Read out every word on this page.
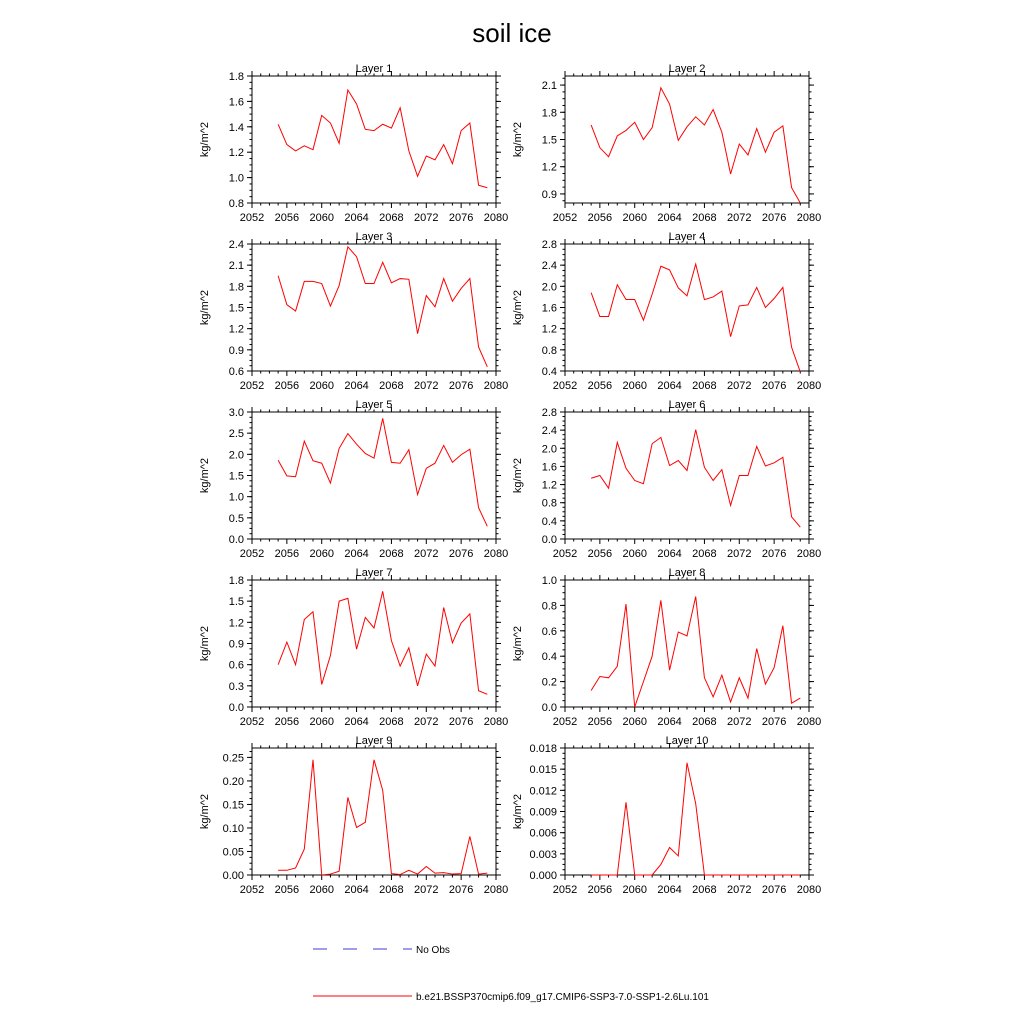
soil ice
Layer 1
2052 2056 2060 2064 2068 2072 2076 2080
0.8
1.0
1.2
1.4
1.6
1.8
kg/m^2
Layer 2
2052 2056 2060 2064 2068 2072 2076 2080
0.9
1.2
1.5
1.8
2.1
kg/m^2
Layer 3
2052 2056 2060 2064 2068 2072 2076 2080
0.6
0.9
1.2
1.5
1.8
2.1
2.4
kg/m^2
Layer 4
2052 2056 2060 2064 2068 2072 2076 2080
0.4
0.8
1.2
1.6
2.0
2.4
2.8
kg/m^2
Layer 5
2052 2056 2060 2064 2068 2072 2076 2080
0.0
0.5
1.0
1.5
2.0
2.5
3.0
kg/m^2
Layer 6
2052 2056 2060 2064 2068 2072 2076 2080
0.0
0.4
0.8
1.2
1.6
2.0
2.4
2.8
kg/m^2
Layer 7
2052 2056 2060 2064 2068 2072 2076 2080
0.0
0.3
0.6
0.9
1.2
1.5
1.8
kg/m^2
Layer 8
2052 2056 2060 2064 2068 2072 2076 2080
0.0
0.2
0.4
0.6
0.8
1.0
kg/m^2
Layer 9
2052 2056 2060 2064 2068 2072 2076 2080
0.00
0.05
0.10
0.15
0.20
0.25
kg/m^2
Layer 10
2052 2056 2060 2064 2068 2072 2076 2080
0.000
0.003
0.006
0.009
0.012
0.015
0.018
kg/m^2
No Obs
b.e21.BSSP370cmip6.f09_g17.CMIP6-SSP3-7.0-SSP1-2.6Lu.101
